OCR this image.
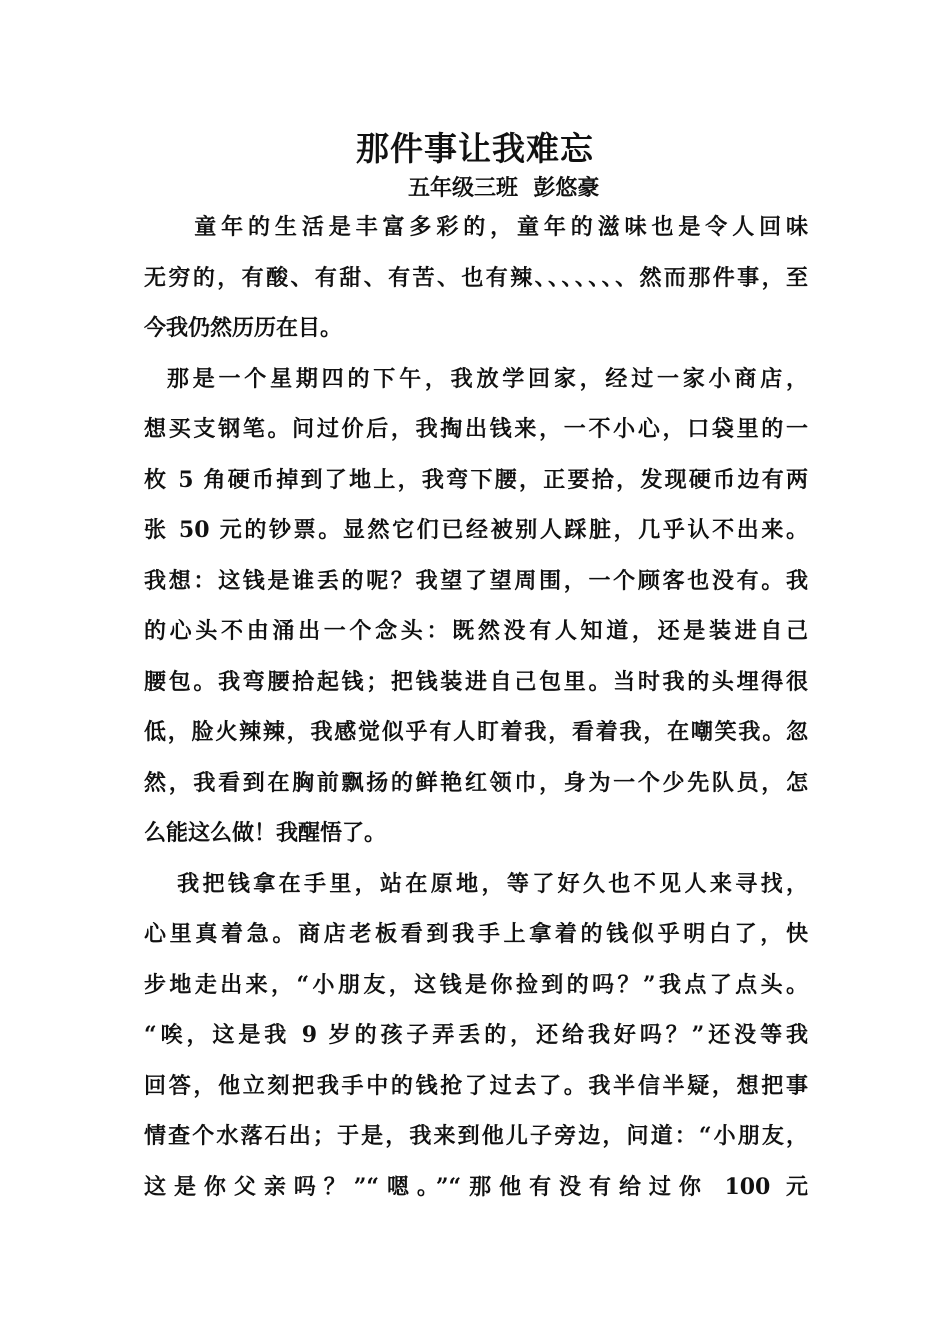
那件事让我难忘
五年级三班  彭悠豪
童年的生活是丰富多彩的，童年的滋味也是令人回味
无穷的，有酸、有甜、有苦、也有辣、、、、、、、然而那件事，至
今我仍然历历在目。
那是一个星期四的下午，我放学回家，经过一家小商店，
想买支钢笔。问过价后，我掏出钱来，一不小心，口袋里的一
枚 5 角硬币掉到了地上，我弯下腰，正要拾，发现硬币边有两
张 50 元的钞票。显然它们已经被别人踩脏，几乎认不出来。
我想：这钱是谁丢的呢？我望了望周围，一个顾客也没有。我
的心头不由涌出一个念头：既然没有人知道，还是装进自己
腰包。我弯腰拾起钱；把钱装进自己包里。当时我的头埋得很
低，脸火辣辣，我感觉似乎有人盯着我，看着我，在嘲笑我。忽
然，我看到在胸前飘扬的鲜艳红领巾，身为一个少先队员，怎
么能这么做！我醒悟了。
我把钱拿在手里，站在原地，等了好久也不见人来寻找，
心里真着急。商店老板看到我手上拿着的钱似乎明白了，快
步地走出来，“小朋友，这钱是你捡到的吗？”我点了点头。
“唉，这是我 9 岁的孩子弄丢的，还给我好吗？”还没等我
回答，他立刻把我手中的钱抢了过去了。我半信半疑，想把事
情查个水落石出；于是，我来到他儿子旁边，问道：“小朋友，
这是你父亲吗？”“嗯。”“那他有没有给过你 100 元
